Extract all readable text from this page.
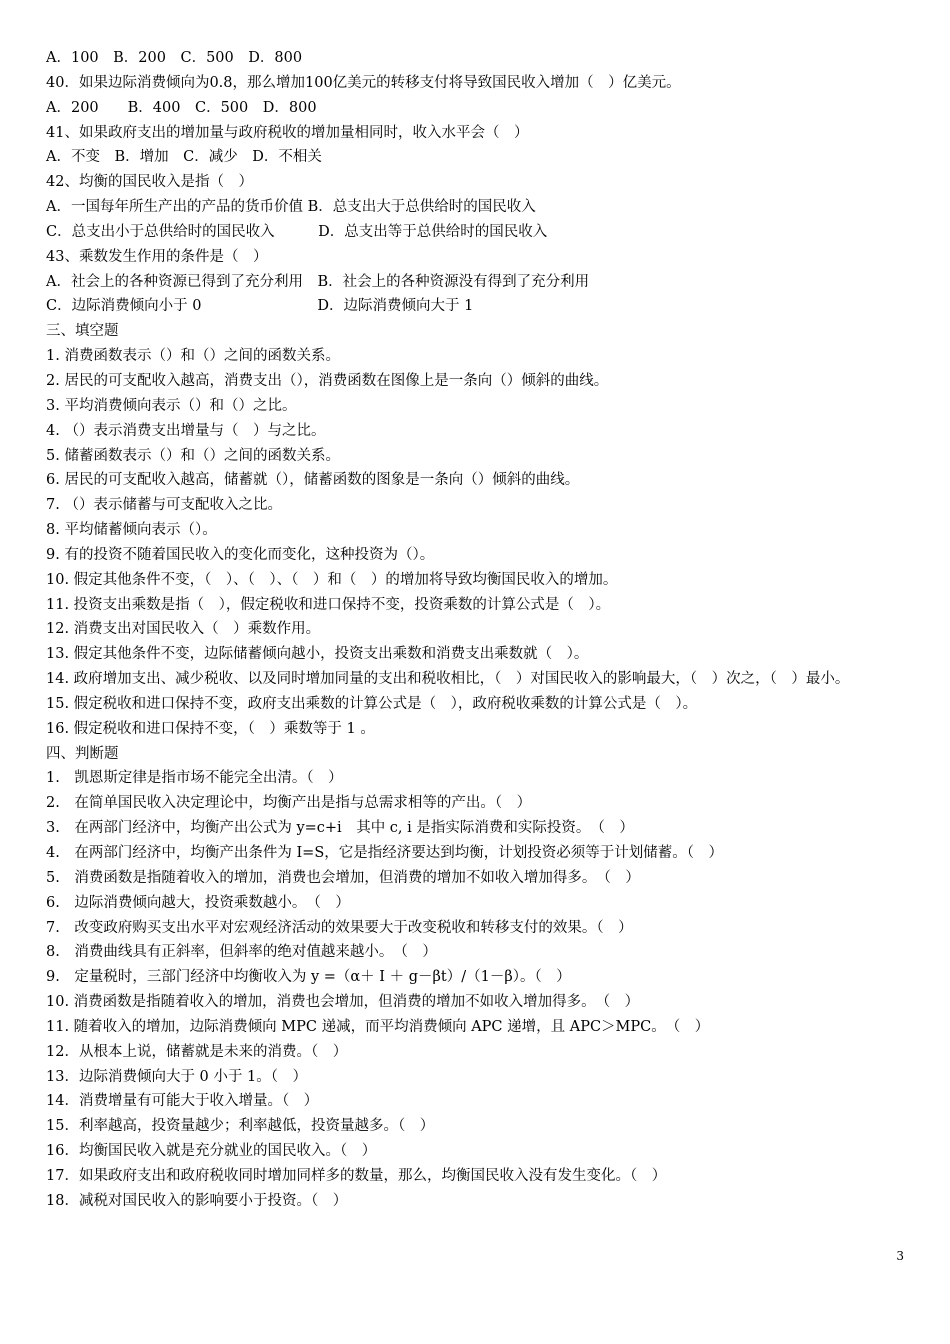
A．100　B．200　C．500　D．800
40．如果边际消费倾向为0.8，那么增加100亿美元的转移支付将导致国民收入增加（　）亿美元。
A．200　　B．400　C．500　D．800
41、如果政府支出的增加量与政府税收的增加量相同时，收入水平会（　）
A．不变　B．增加　C．减少　D．不相关
42、均衡的国民收入是指（　）
A．一国每年所生产出的产品的货币价值 B．总支出大于总供给时的国民收入
C．总支出小于总供给时的国民收入　　　D．总支出等于总供给时的国民收入
43、乘数发生作用的条件是（　）
A．社会上的各种资源已得到了充分利用　B．社会上的各种资源没有得到了充分利用
C．边际消费倾向小于 0　　　　　　　　D．边际消费倾向大于 1
三、填空题
1. 消费函数表示（）和（）之间的函数关系。
2. 居民的可支配收入越高，消费支出（），消费函数在图像上是一条向（）倾斜的曲线。
3. 平均消费倾向表示（）和（）之比。
4. （）表示消费支出增量与（　）与之比。
5. 储蓄函数表示（）和（）之间的函数关系。
6. 居民的可支配收入越高，储蓄就（），储蓄函数的图象是一条向（）倾斜的曲线。
7. （）表示储蓄与可支配收入之比。
8. 平均储蓄倾向表示（）。
9. 有的投资不随着国民收入的变化而变化，这种投资为（）。
10. 假定其他条件不变，（　）、（　）、（　）和（　）的增加将导致均衡国民收入的增加。
11. 投资支出乘数是指（　），假定税收和进口保持不变，投资乘数的计算公式是（　）。
12. 消费支出对国民收入（　）乘数作用。
13. 假定其他条件不变，边际储蓄倾向越小，投资支出乘数和消费支出乘数就（　）。
14. 政府增加支出、减少税收、以及同时增加同量的支出和税收相比，（　）对国民收入的影响最大，（　）次之，（　）最小。
15. 假定税收和进口保持不变，政府支出乘数的计算公式是（　），政府税收乘数的计算公式是（　）。
16. 假定税收和进口保持不变，（　）乘数等于 1 。
四、判断题
1.　凯恩斯定律是指市场不能完全出清。（　）
2.　在简单国民收入决定理论中，均衡产出是指与总需求相等的产出。（　）
3.　在两部门经济中，均衡产出公式为 y=c+i　其中 c, i 是指实际消费和实际投资。　（　）
4.　在两部门经济中，均衡产出条件为 I=S，它是指经济要达到均衡，计划投资必须等于计划储蓄。（　）
5.　消费函数是指随着收入的增加，消费也会增加，但消费的增加不如收入增加得多。　（　）
6.　边际消费倾向越大，投资乘数越小。　（　）
7.　改变政府购买支出水平对宏观经济活动的效果要大于改变税收和转移支付的效果。（　）
8.　消费曲线具有正斜率，但斜率的绝对值越来越小。　（　）
9.　定量税时，三部门经济中均衡收入为 y =（α＋ Ⅰ ＋ g－βt）/（1－β）。（　）
10. 消费函数是指随着收入的增加，消费也会增加，但消费的增加不如收入增加得多。　（　）
11. 随着收入的增加，边际消费倾向 MPC 递减，而平均消费倾向 APC 递增，且 APC＞MPC。　（　）
12．从根本上说，储蓄就是未来的消费。（　）
13．边际消费倾向大于 0 小于 1。（　）
14．消费增量有可能大于收入增量。（　）
15．利率越高，投资量越少；利率越低，投资量越多。（　）
16．均衡国民收入就是充分就业的国民收入。（　）
17．如果政府支出和政府税收同时增加同样多的数量，那么，均衡国民收入没有发生变化。（　）
18．减税对国民收入的影响要小于投资。（　）
3
